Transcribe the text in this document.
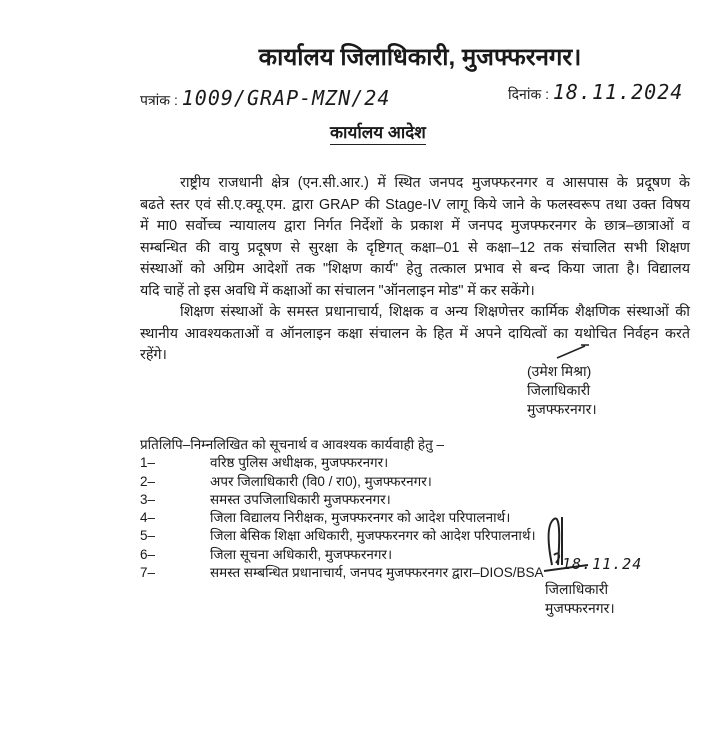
कार्यालय जिलाधिकारी, मुजफ्फरनगर।
पत्रांक : 1009/GRAP-MZN/24	दिनांक : 18.11.2024
कार्यालय आदेश
राष्ट्रीय राजधानी क्षेत्र (एन.सी.आर.) में स्थित जनपद मुजफ्फरनगर व आसपास के प्रदूषण के
बढते स्तर एवं सी.ए.क्यू.एम. द्वारा GRAP की Stage-IV लागू किये जाने के फलस्वरूप तथा उक्त विषय
में मा0 सर्वोच्च न्यायालय द्वारा निर्गत निर्देशों के प्रकाश में जनपद मुजफ्फरनगर के छात्र–छात्राओं व
सम्बन्धित की वायु प्रदूषण से सुरक्षा के दृष्टिगत् कक्षा–01 से कक्षा–12 तक संचालित सभी शिक्षण
संस्थाओं को अग्रिम आदेशों तक "शिक्षण कार्य" हेतु तत्काल प्रभाव से बन्द किया जाता है। विद्यालय
यदि चाहें तो इस अवधि में कक्षाओं का संचालन "ऑनलाइन मोड" में कर सकेंगे।
शिक्षण संस्थाओं के समस्त प्रधानाचार्य, शिक्षक व अन्य शिक्षणेत्तर कार्मिक शैक्षणिक संस्थाओं की
स्थानीय आवश्यकताओं व ऑनलाइन कक्षा संचालन के हित में अपने दायित्वों का यथोचित निर्वहन करते
रहेंगे।
(उमेश मिश्रा)
जिलाधिकारी
मुजफ्फरनगर।
प्रतिलिपि–निम्नलिखित को सूचनार्थ व आवश्यक कार्यवाही हेतु –
1–	वरिष्ठ पुलिस अधीक्षक, मुजफ्फरनगर।
2–	अपर जिलाधिकारी (वि0 / रा0), मुजफ्फरनगर।
3–	समस्त उपजिलाधिकारी मुजफ्फरनगर।
4–	जिला विद्यालय निरीक्षक, मुजफ्फरनगर को आदेश परिपालनार्थ।
5–	जिला बेसिक शिक्षा अधिकारी, मुजफ्फरनगर को आदेश परिपालनार्थ।
6–	जिला सूचना अधिकारी, मुजफ्फरनगर।
7–	समस्त सम्बन्धित प्रधानाचार्य, जनपद मुजफ्फरनगर द्वारा–DIOS/BSA 18.11.24
जिलाधिकारी
मुजफ्फरनगर।
